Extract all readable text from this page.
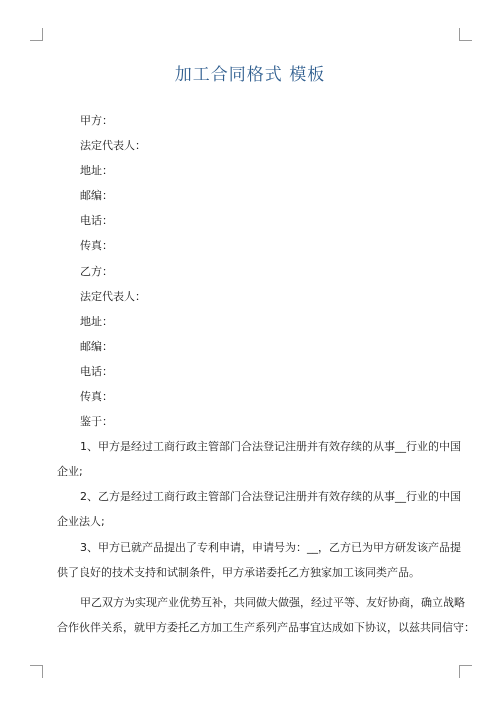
加工合同格式 模板
甲方：
法定代表人：
地址：
邮编：
电话：
传真：
乙方：
法定代表人：
地址：
邮编：
电话：
传真：
鉴于：
1、甲方是经过工商行政主管部门合法登记注册并有效存续的从事__行业的中国
企业;
2、乙方是经过工商行政主管部门合法登记注册并有效存续的从事__行业的中国
企业法人;
3、甲方已就产品提出了专利申请，申请号为：__，乙方已为甲方研发该产品提
供了良好的技术支持和试制条件，甲方承诺委托乙方独家加工该同类产品。
甲乙双方为实现产业优势互补，共同做大做强，经过平等、友好协商，确立战略
合作伙伴关系，就甲方委托乙方加工生产系列产品事宜达成如下协议，以兹共同信守：
